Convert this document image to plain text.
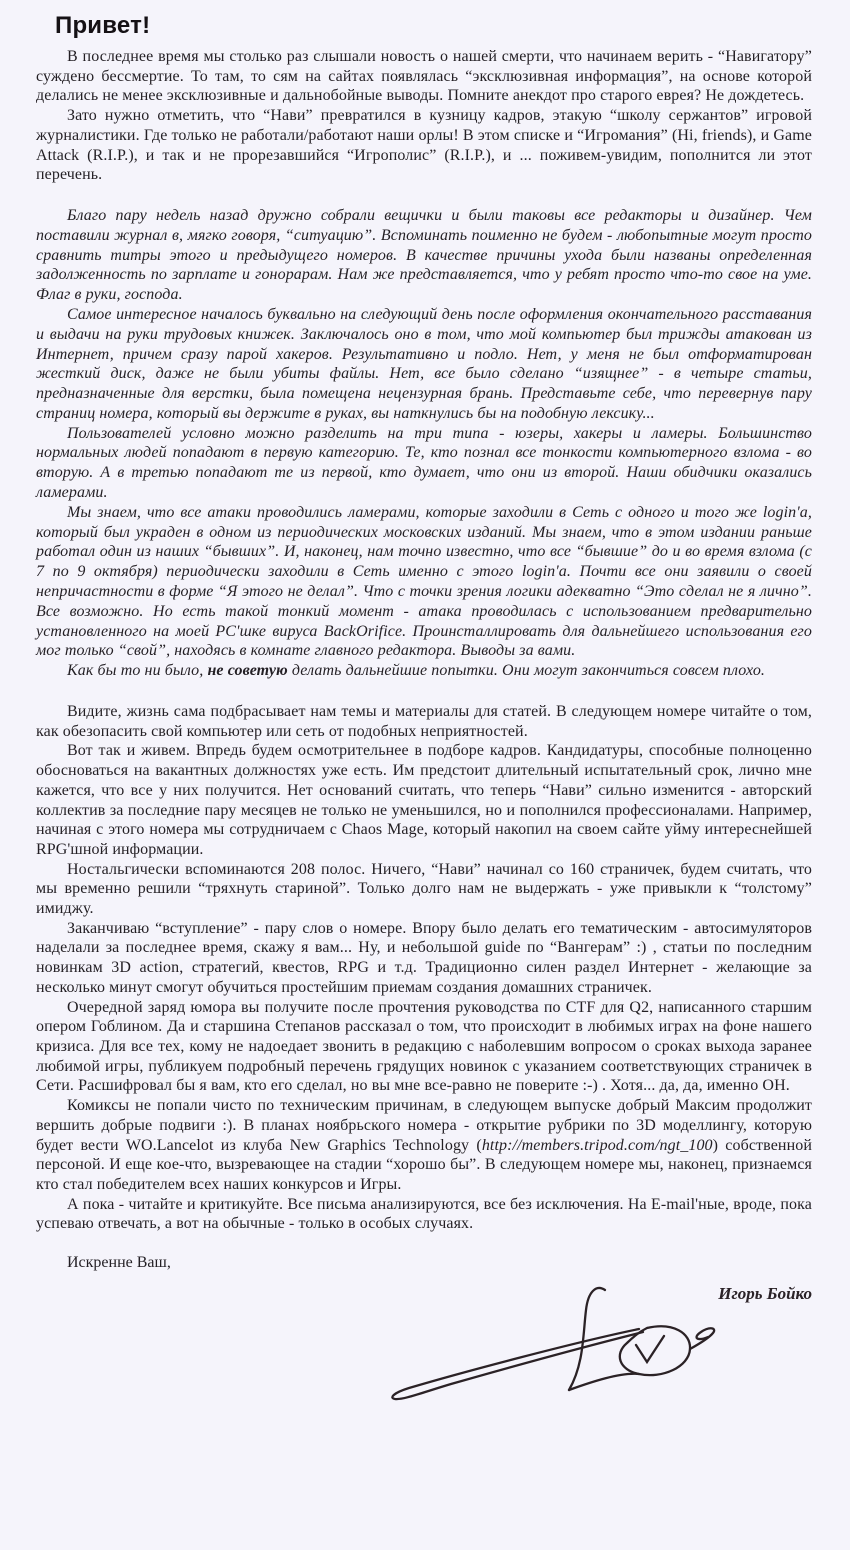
Привет!

В последнее время мы столько раз слышали новость о нашей смерти, что начинаем верить - “Навигатору” суждено бессмертие. То там, то сям на сайтах появлялась “эксклюзивная информация”, на основе которой делались не менее эксклюзивные и дальнобойные выводы. Помните анекдот про старого еврея? Не дождетесь.

Зато нужно отметить, что “Нави” превратился в кузницу кадров, этакую “школу сержантов” игровой журналистики. Где только не работали/работают наши орлы! В этом списке и “Игромания” (Hi, friends), и Game Attack (R.I.P.), и так и не прорезавшийся “Игрополис” (R.I.P.), и ... поживем-увидим, пополнится ли этот перечень.

Благо пару недель назад дружно собрали вещички и были таковы все редакторы и дизайнер. Чем поставили журнал в, мягко говоря, “ситуацию”. Вспоминать поименно не будем - любопытные могут просто сравнить титры этого и предыдущего номеров. В качестве причины ухода были названы определенная задолженность по зарплате и гонорарам. Нам же представляется, что у ребят просто что-то свое на уме. Флаг в руки, господа.

Самое интересное началось буквально на следующий день после оформления окончательного расставания и выдачи на руки трудовых книжек. Заключалось оно в том, что мой компьютер был трижды атакован из Интернет, причем сразу парой хакеров. Результативно и подло. Нет, у меня не был отформатирован жесткий диск, даже не были убиты файлы. Нет, все было сделано “изящнее” - в четыре статьи, предназначенные для верстки, была помещена нецензурная брань. Представьте себе, что перевернув пару страниц номера, который вы держите в руках, вы наткнулись бы на подобную лексику...

Пользователей условно можно разделить на три типа - юзеры, хакеры и ламеры. Большинство нормальных людей попадают в первую категорию. Те, кто познал все тонкости компьютерного взлома - во вторую. А в третью попадают те из первой, кто думает, что они из второй. Наши обидчики оказались ламерами.

Мы знаем, что все атаки проводились ламерами, которые заходили в Сеть с одного и того же login'a, который был украден в одном из периодических московских изданий. Мы знаем, что в этом издании раньше работал один из наших “бывших”. И, наконец, нам точно известно, что все “бывшие” до и во время взлома (с 7 по 9 октября) периодически заходили в Сеть именно с этого login'a. Почти все они заявили о своей непричастности в форме “Я этого не делал”. Что с точки зрения логики адекватно “Это сделал не я лично”. Все возможно. Но есть такой тонкий момент - атака проводилась с использованием предварительно установленного на моей PC'шке вируса BackOrifice. Проинсталлировать для дальнейшего использования его мог только “свой”, находясь в комнате главного редактора. Выводы за вами.

Как бы то ни было, не советую делать дальнейшие попытки. Они могут закончиться совсем плохо.

Видите, жизнь сама подбрасывает нам темы и материалы для статей. В следующем номере читайте о том, как обезопасить свой компьютер или сеть от подобных неприятностей.

Вот так и живем. Впредь будем осмотрительнее в подборе кадров. Кандидатуры, способные полноценно обосноваться на вакантных должностях уже есть. Им предстоит длительный испытательный срок, лично мне кажется, что все у них получится. Нет оснований считать, что теперь “Нави” сильно изменится - авторский коллектив за последние пару месяцев не только не уменьшился, но и пополнился профессионалами. Например, начиная с этого номера мы сотрудничаем с Chaos Mage, который накопил на своем сайте уйму интереснейшей RPG'шной информации.

Ностальгически вспоминаются 208 полос. Ничего, “Нави” начинал со 160 страничек, будем считать, что мы временно решили “тряхнуть стариной”. Только долго нам не выдержать - уже привыкли к “толстому” имиджу.

Заканчиваю “вступление” - пару слов о номере. Впору было делать его тематическим - автосимуляторов наделали за последнее время, скажу я вам... Ну, и небольшой guide по “Вангерам” :) , статьи по последним новинкам 3D action, стратегий, квестов, RPG и т.д. Традиционно силен раздел Интернет - желающие за несколько минут смогут обучиться простейшим приемам создания домашних страничек.

Очередной заряд юмора вы получите после прочтения руководства по CTF для Q2, написанного старшим опером Гоблином. Да и старшина Степанов рассказал о том, что происходит в любимых играх на фоне нашего кризиса. Для все тех, кому не надоедает звонить в редакцию с наболевшим вопросом о сроках выхода заранее любимой игры, публикуем подробный перечень грядущих новинок с указанием соответствующих страничек в Сети. Расшифровал бы я вам, кто его сделал, но вы мне все-равно не поверите :-) . Хотя... да, да, именно ОН.

Комиксы не попали чисто по техническим причинам, в следующем выпуске добрый Максим продолжит вершить добрые подвиги :). В планах ноябрьского номера - открытие рубрики по 3D моделлингу, которую будет вести WO.Lancelot из клуба New Graphics Technology (http://members.tripod.com/ngt_100) собственной персоной. И еще кое-что, вызревающее на стадии “хорошо бы”. В следующем номере мы, наконец, признаемся кто стал победителем всех наших конкурсов и Игры.

А пока - читайте и критикуйте. Все письма анализируются, все без исключения. На E-mail'ные, вроде, пока успеваю отвечать, а вот на обычные - только в особых случаях.

Искренне Ваш,

Игорь Бойко
